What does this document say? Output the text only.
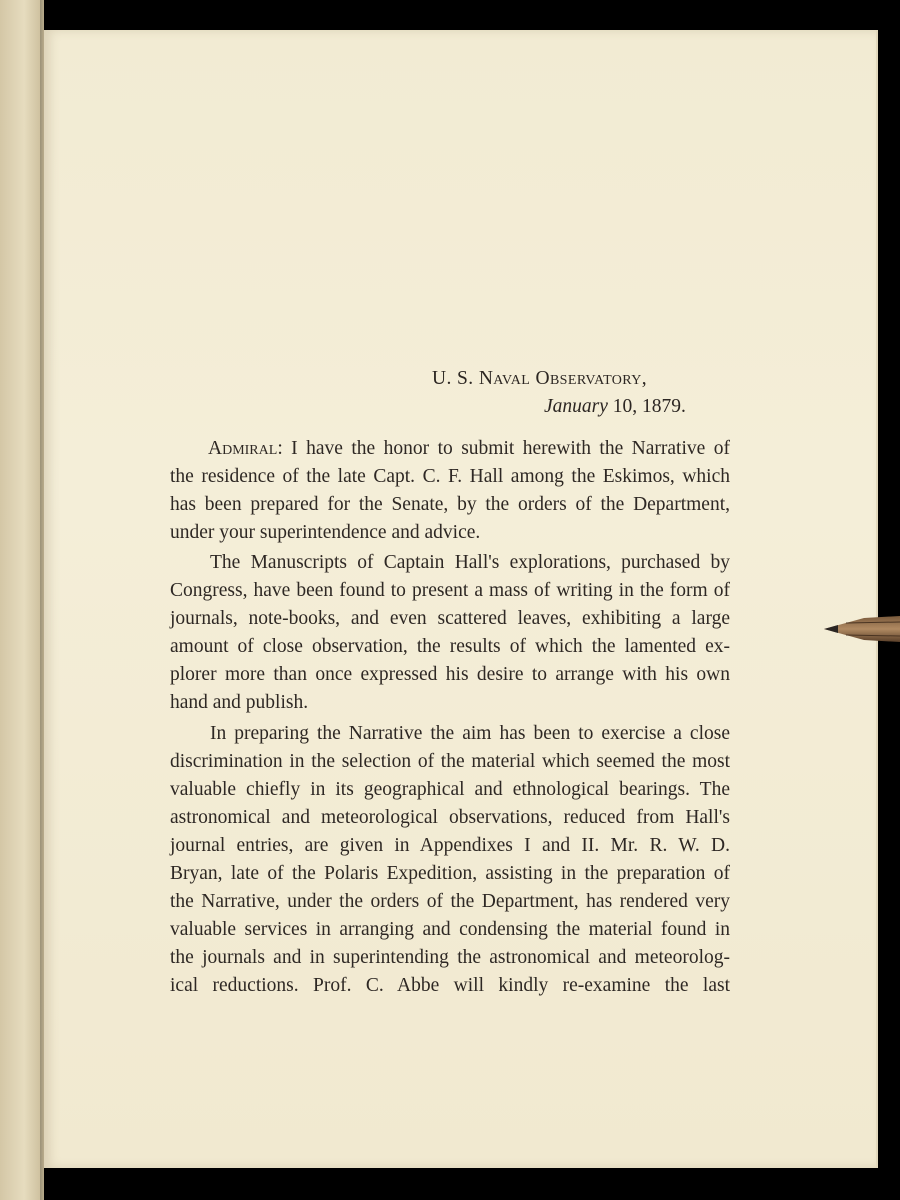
U. S. Naval Observatory,
January 10, 1879.
Admiral: I have the honor to submit herewith the Narrative of
the residence of the late Capt. C. F. Hall among the Eskimos, which
has been prepared for the Senate, by the orders of the Department,
under your superintendence and advice.
The Manuscripts of Captain Hall's explorations, purchased by
Congress, have been found to present a mass of writing in the form of
journals, note-books, and even scattered leaves, exhibiting a large
amount of close observation, the results of which the lamented ex-
plorer more than once expressed his desire to arrange with his own
hand and publish.
In preparing the Narrative the aim has been to exercise a close
discrimination in the selection of the material which seemed the most
valuable chiefly in its geographical and ethnological bearings. The
astronomical and meteorological observations, reduced from Hall's
journal entries, are given in Appendixes I and II. Mr. R. W. D.
Bryan, late of the Polaris Expedition, assisting in the preparation of
the Narrative, under the orders of the Department, has rendered very
valuable services in arranging and condensing the material found in
the journals and in superintending the astronomical and meteorolog-
ical reductions. Prof. C. Abbe will kindly re-examine the last
